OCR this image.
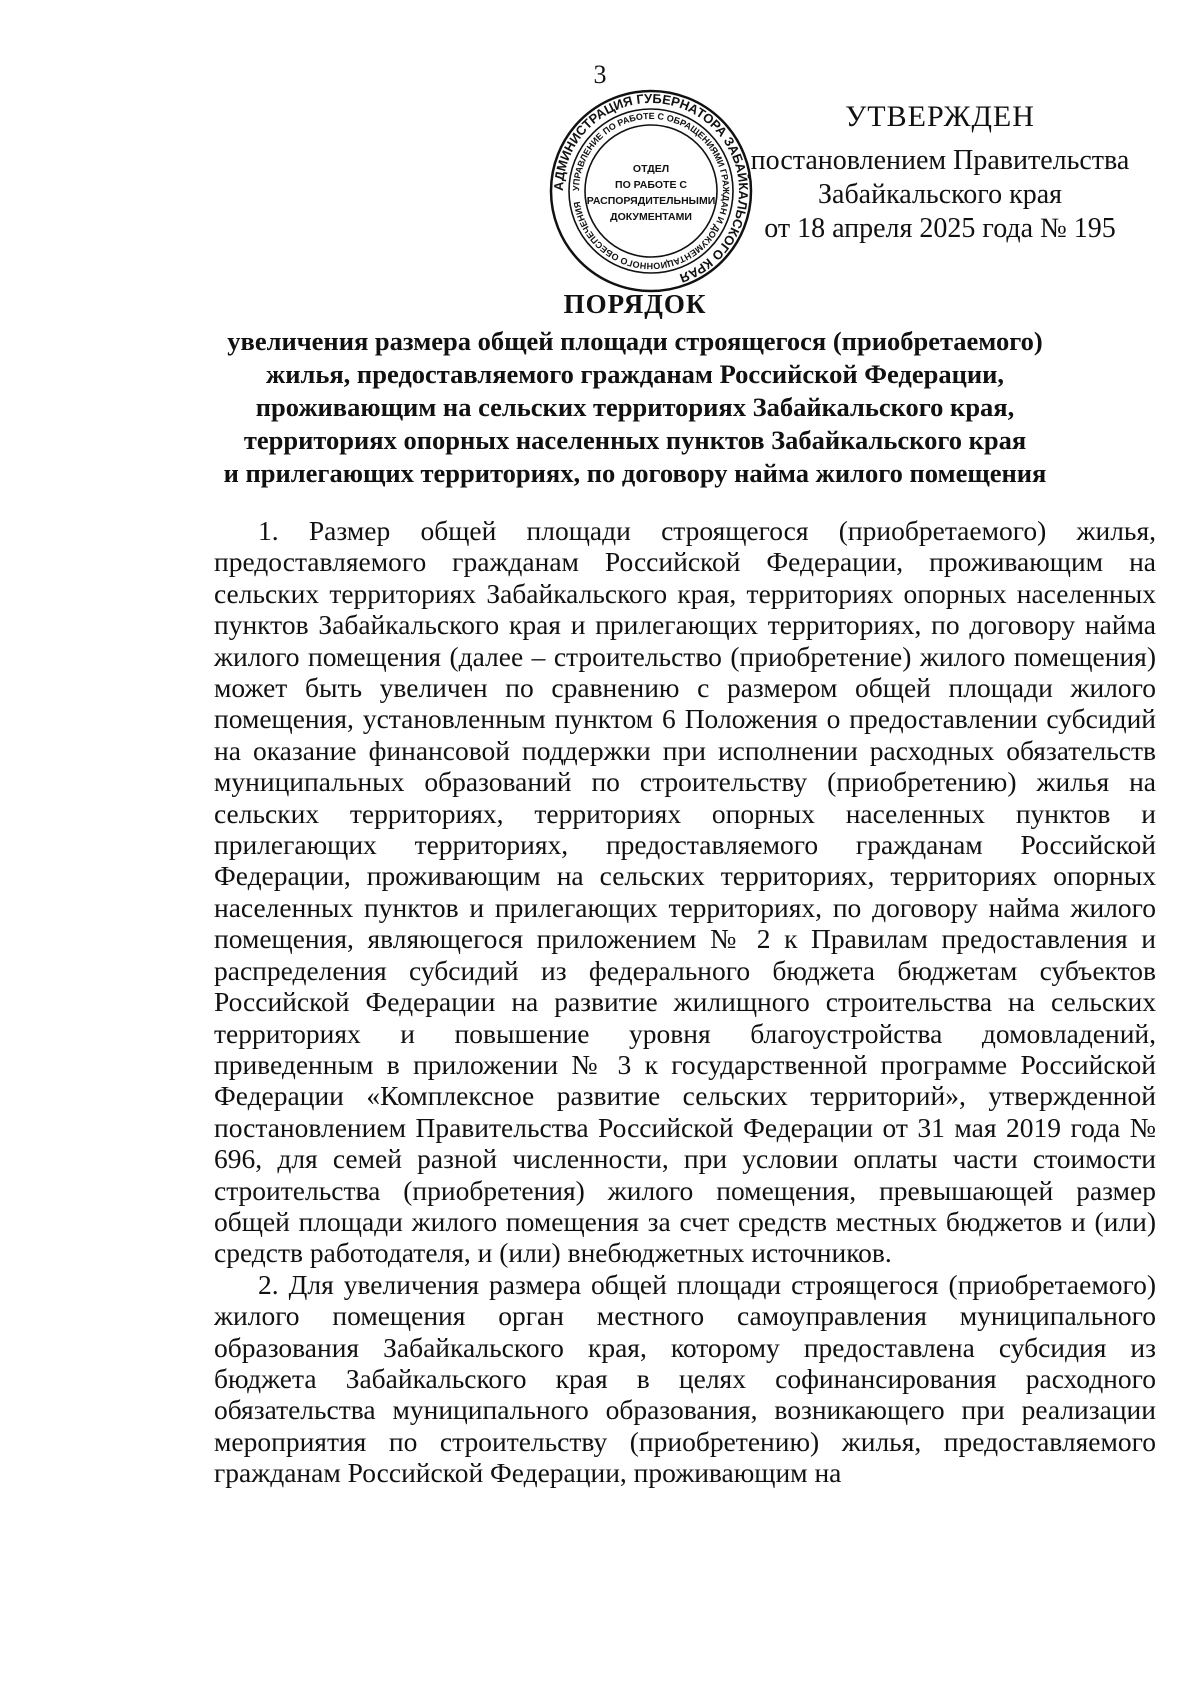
3
АДМИНИСТРАЦИЯ ГУБЕРНАТОРА ЗАБАЙКАЛЬСКОГО КРАЯ
УПРАВЛЕНИЕ ПО РАБОТЕ С ОБРАЩЕНИЯМИ ГРАЖДАН И ДОКУМЕНТАЦИОННОГО ОБЕСПЕЧЕНИЯ
ОТДЕЛ
ПО РАБОТЕ С
РАСПОРЯДИТЕЛЬНЫМИ
ДОКУМЕНТАМИ
УТВЕРЖДЕН
постановлением Правительства
Забайкальского края
от 18 апреля 2025 года № 195
ПОРЯДОК
увеличения размера общей площади строящегося (приобретаемого)
жилья, предоставляемого гражданам Российской Федерации,
проживающим на сельских территориях Забайкальского края,
территориях опорных населенных пунктов Забайкальского края
и прилегающих территориях, по договору найма жилого помещения

1. Размер общей площади строящегося (приобретаемого) жилья, предоставляемого гражданам Российской Федерации, проживающим на сельских территориях Забайкальского края, территориях опорных населенных пунктов Забайкальского края и прилегающих территориях, по договору найма жилого помещения (далее – строительство (приобретение) жилого помещения) может быть увеличен по сравнению с размером общей площади жилого помещения, установленным пунктом 6 Положения о предоставлении субсидий на оказание финансовой поддержки при исполнении расходных обязательств муниципальных образований по строительству (приобретению) жилья на сельских территориях, территориях опорных населенных пунктов и прилегающих территориях, предоставляемого гражданам Российской Федерации, проживающим на сельских территориях, территориях опорных населенных пунктов и прилегающих территориях, по договору найма жилого помещения, являющегося приложением № 2 к Правилам предоставления и распределения субсидий из федерального бюджета бюджетам субъектов Российской Федерации на развитие жилищного строительства на сельских территориях и повышение уровня благоустройства домовладений, приведенным в приложении № 3 к государственной программе Российской Федерации «Комплексное развитие сельских территорий», утвержденной постановлением Правительства Российской Федерации от 31 мая 2019 года № 696, для семей разной численности, при условии оплаты части стоимости строительства (приобретения) жилого помещения, превышающей размер общей площади жилого помещения за счет средств местных бюджетов и (или) средств работодателя, и (или) внебюджетных источников.

2. Для увеличения размера общей площади строящегося (приобретаемого) жилого помещения орган местного самоуправления муниципального образования Забайкальского края, которому предоставлена субсидия из бюджета Забайкальского края в целях софинансирования расходного обязательства муниципального образования, возникающего при реализации мероприятия по строительству (приобретению) жилья, предоставляемого гражданам Российской Федерации, проживающим на
